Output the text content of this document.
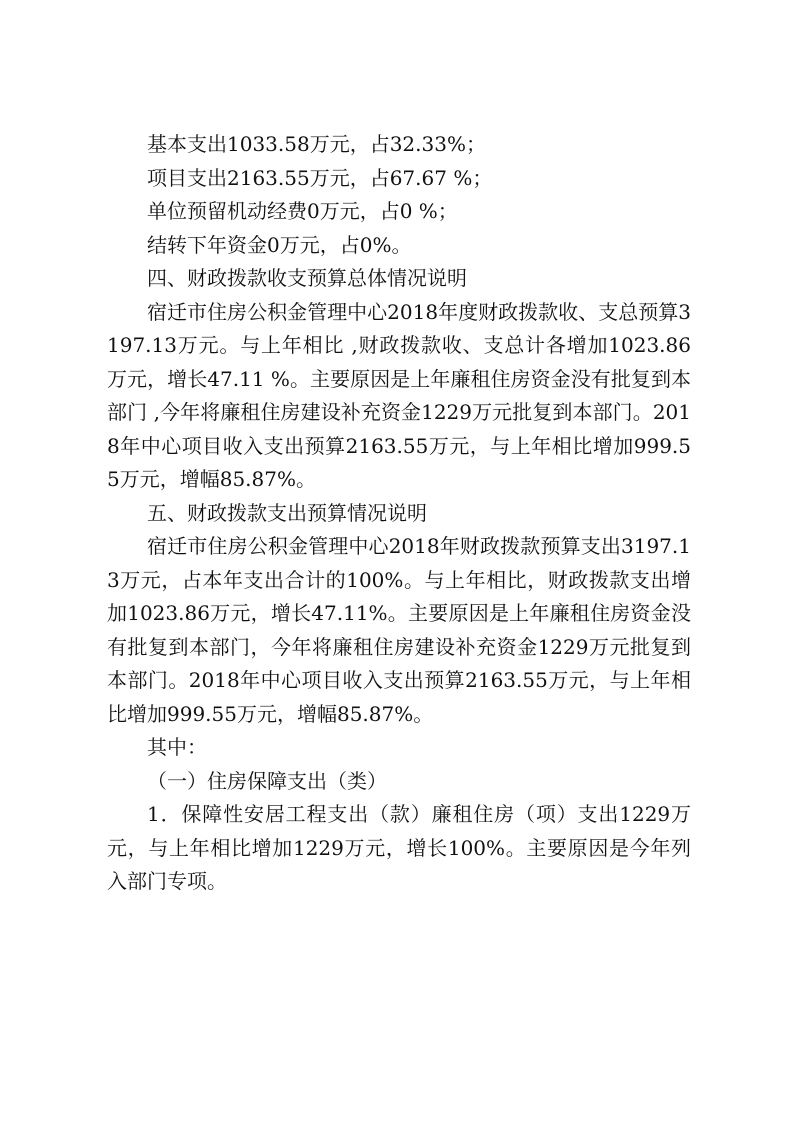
基本支出1033.58万元，占32.33%；

项目支出2163.55万元，占67.67 %；

单位预留机动经费0万元，占0 %；

结转下年资金0万元，占0%。

四、财政拨款收支预算总体情况说明

宿迁市住房公积金管理中心2018年度财政拨款收、支总预算3197.13万元。与上年相比 ,财政拨款收、支总计各增加1023.86万元，增长47.11 %。主要原因是上年廉租住房资金没有批复到本部门 ,今年将廉租住房建设补充资金1229万元批复到本部门。2018年中心项目收入支出预算2163.55万元，与上年相比增加999.55万元，增幅85.87%。

五、财政拨款支出预算情况说明

宿迁市住房公积金管理中心2018年财政拨款预算支出3197.13万元，占本年支出合计的100%。与上年相比，财政拨款支出增加1023.86万元，增长47.11%。主要原因是上年廉租住房资金没有批复到本部门，今年将廉租住房建设补充资金1229万元批复到本部门。2018年中心项目收入支出预算2163.55万元，与上年相比增加999.55万元，增幅85.87%。

其中：

（一）住房保障支出（类）

1．保障性安居工程支出（款）廉租住房（项）支出1229万元，与上年相比增加1229万元，增长100%。主要原因是今年列入部门专项。
